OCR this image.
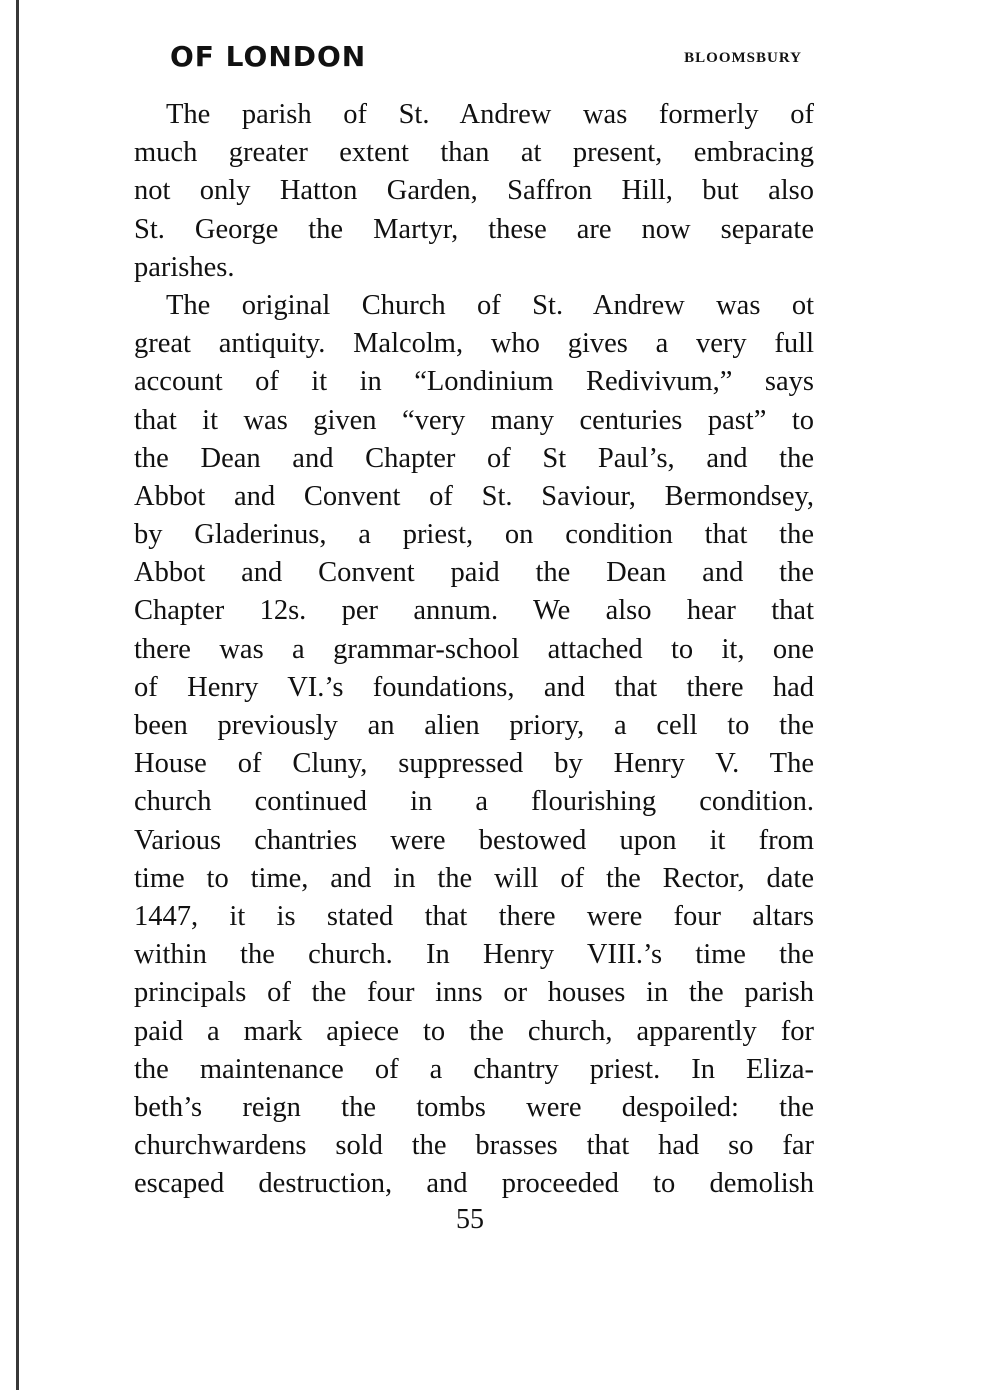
OF LONDON	BLOOMSBURY
The parish of St. Andrew was formerly of
much greater extent than at present, embracing
not only Hatton Garden, Saffron Hill, but also
St. George the Martyr, these are now separate
parishes.
The original Church of St. Andrew was ot
great antiquity. Malcolm, who gives a very full
account of it in “Londinium Redivivum,” says
that it was given “very many centuries past” to
the Dean and Chapter of St Paul’s, and the
Abbot and Convent of St. Saviour, Bermondsey,
by Gladerinus, a priest, on condition that the
Abbot and Convent paid the Dean and the
Chapter 12s. per annum. We also hear that
there was a grammar-school attached to it, one
of Henry VI.’s foundations, and that there had
been previously an alien priory, a cell to the
House of Cluny, suppressed by Henry V. The
church continued in a flourishing condition.
Various chantries were bestowed upon it from
time to time, and in the will of the Rector, date
1447, it is stated that there were four altars
within the church. In Henry VIII.’s time the
principals of the four inns or houses in the parish
paid a mark apiece to the church, apparently for
the maintenance of a chantry priest. In Eliza-
beth’s reign the tombs were despoiled: the
churchwardens sold the brasses that had so far
escaped destruction, and proceeded to demolish
55
